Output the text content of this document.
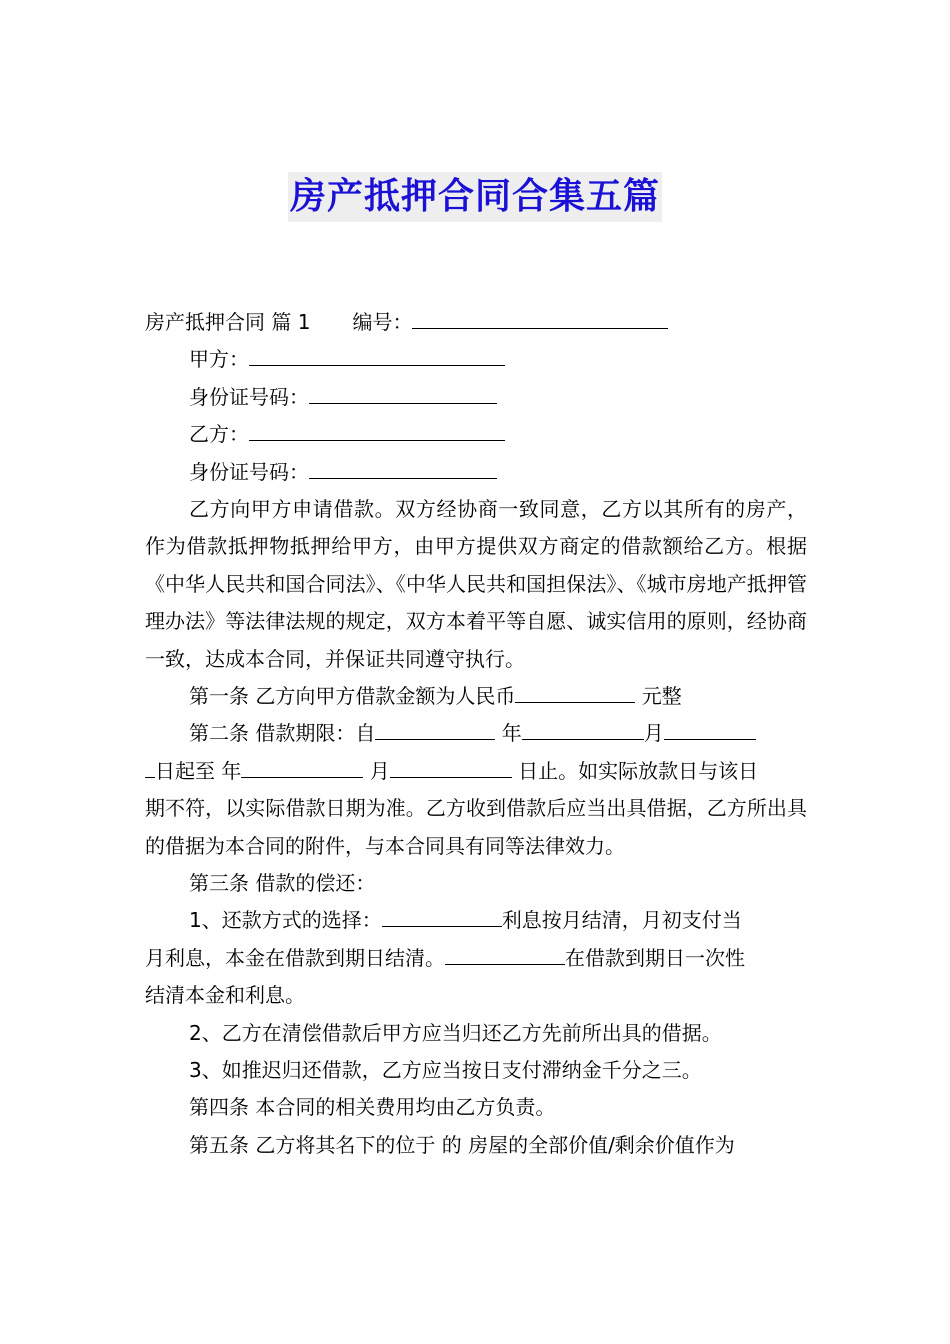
房产抵押合同合集五篇
房产抵押合同 篇 1 编号：
甲方：
身份证号码：
乙方：
身份证号码：
乙方向甲方申请借款。双方经协商一致同意，乙方以其所有的房产，作为借款抵押物抵押给甲方，由甲方提供双方商定的借款额给乙方。根据《中华人民共和国合同法》、《中华人民共和国担保法》、《城市房地产抵押管理办法》等法律法规的规定，双方本着平等自愿、诚实信用的原则，经协商一致，达成本合同，并保证共同遵守执行。
第一条 乙方向甲方借款金额为人民币	元整
第二条 借款期限：自	年	月
日起至 年	月	日止。如实际放款日与该日
期不符，以实际借款日期为准。乙方收到借款后应当出具借据，乙方所出具的借据为本合同的附件，与本合同具有同等法律效力。
第三条 借款的偿还：
1、还款方式的选择：	利息按月结清，月初支付当
月利息，本金在借款到期日结清。	在借款到期日一次性
结清本金和利息。
2、乙方在清偿借款后甲方应当归还乙方先前所出具的借据。
3、如推迟归还借款，乙方应当按日支付滞纳金千分之三。
第四条 本合同的相关费用均由乙方负责。
第五条 乙方将其名下的位于 的 房屋的全部价值/剩余价值作为
